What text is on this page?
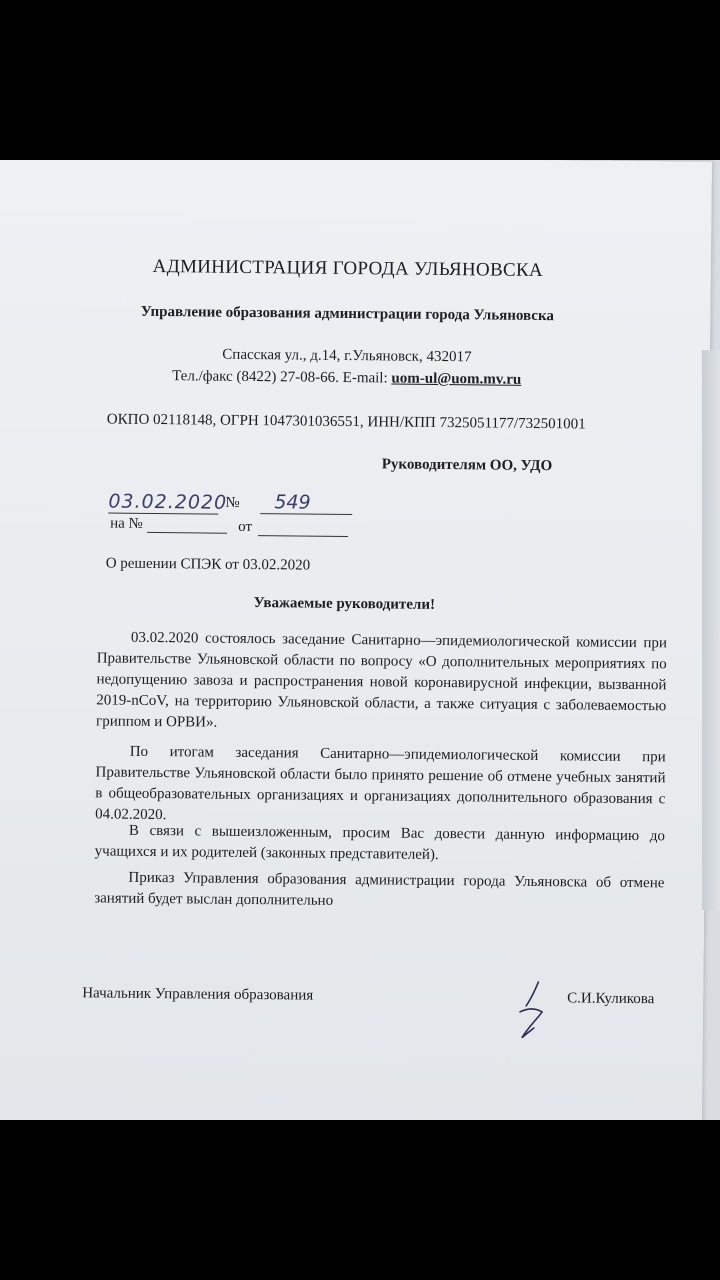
АДМИНИСТРАЦИЯ ГОРОДА УЛЬЯНОВСКА
Управление образования администрации города Ульяновска
Спасская ул., д.14, г.Ульяновск, 432017
Тел./факс (8422) 27-08-66. E-mail: uom-ul@uom.mv.ru
ОКПО 02118148, ОГРН 1047301036551, ИНН/КПП 7325051177/732501001
Руководителям ОО, УДО
03.02.2020
№	549
на №	от
О решении СПЭК от 03.02.2020
Уважаемые руководители!

03.02.2020 состоялось заседание Санитарно—эпидемиологической комиссии при Правительстве Ульяновской области по вопросу «О дополнительных мероприятиях по недопущению завоза и распространения новой коронавирусной инфекции, вызванной 2019-nCoV, на территорию Ульяновской области, а также ситуация с заболеваемостью гриппом и ОРВИ».

По итогам заседания Санитарно—эпидемиологической комиссии при Правительстве Ульяновской области было принято решение об отмене учебных занятий в общеобразовательных организациях и организациях дополнительного образования с 04.02.2020.

В связи с вышеизложенным, просим Вас довести данную информацию до учащихся и их родителей (законных представителей).

Приказ Управления образования администрации города Ульяновска об отмене занятий будет выслан дополнительно

Начальник Управления образования	С.И.Куликова
